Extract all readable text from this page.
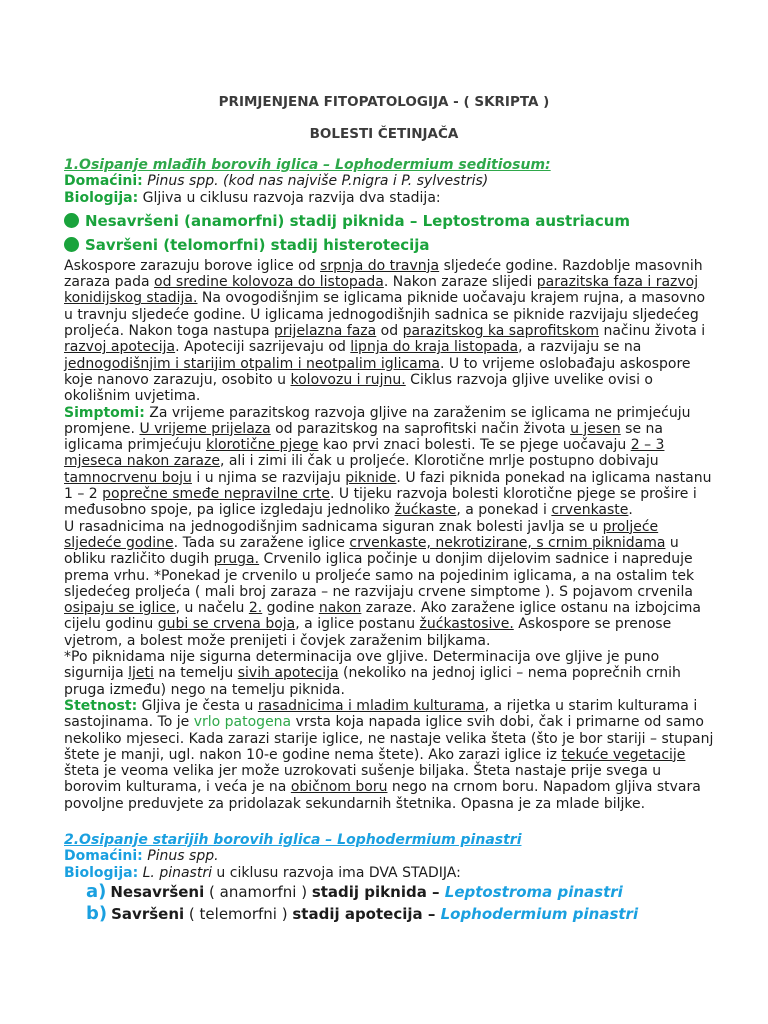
PRIMJENJENA FITOPATOLOGIJA - ( SKRIPTA )
BOLESTI ČETINJAČA

1.Osipanje mlađih borovih iglica – Lophodermium seditiosum:

Domaćini: Pinus spp. (kod nas najviše P.nigra i P. sylvestris)

Biologija: Gljiva u ciklusu razvoja razvija dva stadija:

Nesavršeni (anamorfni) stadij piknida – Leptostroma austriacum
Savršeni (telomorfni) stadij histerotecija

Askospore zarazuju borove iglice od srpnja do travnja sljedeće godine. Razdoblje masovnih zaraza pada od sredine kolovoza do listopada. Nakon zaraze slijedi parazitska faza i razvoj konidijskog stadija. Na ovogodišnjim se iglicama piknide uočavaju krajem rujna, a masovno u travnju sljedeće godine. U iglicama jednogodišnjih sadnica se piknide razvijaju sljedećeg proljeća. Nakon toga nastupa prijelazna faza od parazitskog ka saprofitskom načinu života i razvoj apotecija. Apoteciji sazrijevaju od lipnja do kraja listopada, a razvijaju se na jednogodišnjim i starijim otpalim i neotpalim iglicama. U to vrijeme oslobađaju askospore koje nanovo zarazuju, osobito u kolovozu i rujnu. Ciklus razvoja gljive uvelike ovisi o okolišnim uvjetima.

Simptomi: Za vrijeme parazitskog razvoja gljive na zaraženim se iglicama ne primjećuju promjene. U vrijeme prijelaza od parazitskog na saprofitski način života u jesen se na iglicama primjećuju klorotične pjege kao prvi znaci bolesti. Te se pjege uočavaju 2 – 3 mjeseca nakon zaraze, ali i zimi ili čak u proljeće. Klorotične mrlje postupno dobivaju tamnocrvenu boju i u njima se razvijaju piknide. U fazi piknida ponekad na iglicama nastanu 1 – 2 poprečne smeđe nepravilne crte. U tijeku razvoja bolesti klorotične pjege se prošire i međusobno spoje, pa iglice izgledaju jednoliko žućkaste, a ponekad i crvenkaste.

U rasadnicima na jednogodišnjim sadnicama siguran znak bolesti javlja se u proljeće sljedeće godine. Tada su zaražene iglice crvenkaste, nekrotizirane, s crnim piknidama u obliku različito dugih pruga. Crvenilo iglica počinje u donjim dijelovim sadnice i napreduje prema vrhu. *Ponekad je crvenilo u proljeće samo na pojedinim iglicama, a na ostalim tek sljedećeg proljeća ( mali broj zaraza – ne razvijaju crvene simptome ). S pojavom crvenila osipaju se iglice, u načelu 2. godine nakon zaraze. Ako zaražene iglice ostanu na izbojcima cijelu godinu gubi se crvena boja, a iglice postanu žućkastosive. Askospore se prenose vjetrom, a bolest može prenijeti i čovjek zaraženim biljkama.

*Po piknidama nije sigurna determinacija ove gljive. Determinacija ove gljive je puno sigurnija ljeti na temelju sivih apotecija (nekoliko na jednoj iglici – nema poprečnih crnih pruga između) nego na temelju piknida.

Stetnost: Gljiva je česta u rasadnicima i mladim kulturama, a rijetka u starim kulturama i sastojinama. To je vrlo patogena vrsta koja napada iglice svih dobi, čak i primarne od samo nekoliko mjeseci. Kada zarazi starije iglice, ne nastaje velika šteta (što je bor stariji – stupanj štete je manji, ugl. nakon 10-e godine nema štete). Ako zarazi iglice iz tekuće vegetacije šteta je veoma velika jer može uzrokovati sušenje biljaka. Šteta nastaje prije svega u borovim kulturama, i veća je na običnom boru nego na crnom boru. Napadom gljiva stvara povoljne preduvjete za pridolazak sekundarnih štetnika. Opasna je za mlade biljke.

2.Osipanje starijih borovih iglica – Lophodermium pinastri

Domaćini: Pinus spp.

Biologija: L. pinastri u ciklusu razvoja ima DVA STADIJA:

a) Nesavršeni ( anamorfni ) stadij piknida – Leptostroma pinastri
b) Savršeni ( telemorfni ) stadij apotecija – Lophodermium pinastri
